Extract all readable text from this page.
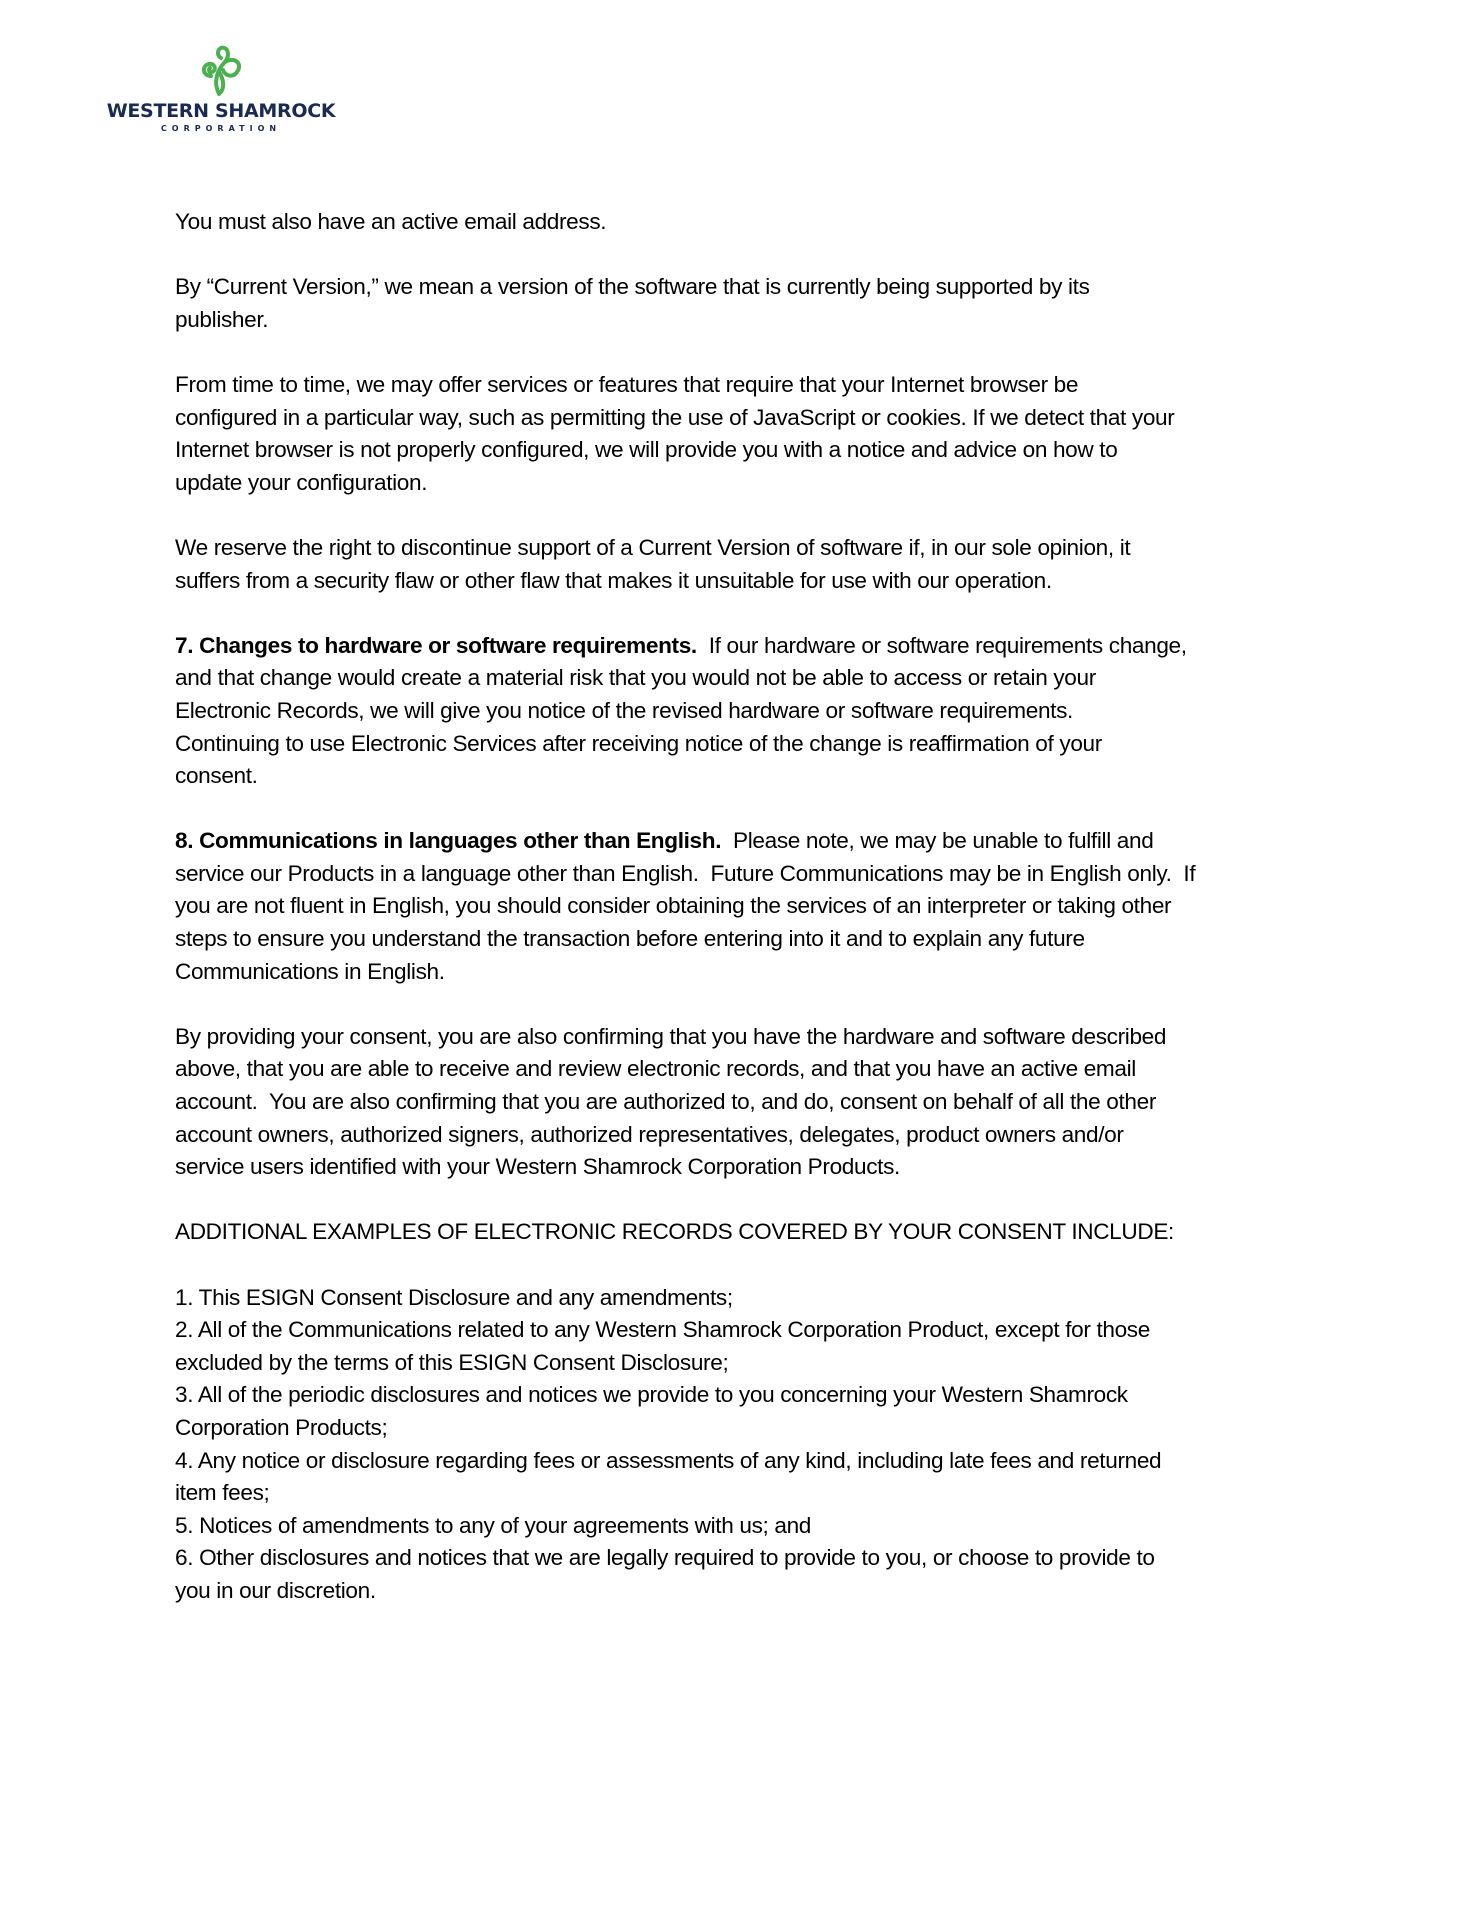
WESTERN SHAMROCK
CORPORATION
You must also have an active email address.
By “Current Version,” we mean a version of the software that is currently being supported by its
publisher.
From time to time, we may offer services or features that require that your Internet browser be
configured in a particular way, such as permitting the use of JavaScript or cookies. If we detect that your
Internet browser is not properly configured, we will provide you with a notice and advice on how to
update your configuration.
We reserve the right to discontinue support of a Current Version of software if, in our sole opinion, it
suffers from a security flaw or other flaw that makes it unsuitable for use with our operation.
7. Changes to hardware or software requirements.  If our hardware or software requirements change,
and that change would create a material risk that you would not be able to access or retain your
Electronic Records, we will give you notice of the revised hardware or software requirements.
Continuing to use Electronic Services after receiving notice of the change is reaffirmation of your
consent.
8. Communications in languages other than English.  Please note, we may be unable to fulfill and
service our Products in a language other than English.  Future Communications may be in English only.  If
you are not fluent in English, you should consider obtaining the services of an interpreter or taking other
steps to ensure you understand the transaction before entering into it and to explain any future
Communications in English.
By providing your consent, you are also confirming that you have the hardware and software described
above, that you are able to receive and review electronic records, and that you have an active email
account.  You are also confirming that you are authorized to, and do, consent on behalf of all the other
account owners, authorized signers, authorized representatives, delegates, product owners and/or
service users identified with your Western Shamrock Corporation Products.
ADDITIONAL EXAMPLES OF ELECTRONIC RECORDS COVERED BY YOUR CONSENT INCLUDE:
1. This ESIGN Consent Disclosure and any amendments;
2. All of the Communications related to any Western Shamrock Corporation Product, except for those
excluded by the terms of this ESIGN Consent Disclosure;
3. All of the periodic disclosures and notices we provide to you concerning your Western Shamrock
Corporation Products;
4. Any notice or disclosure regarding fees or assessments of any kind, including late fees and returned
item fees;
5. Notices of amendments to any of your agreements with us; and
6. Other disclosures and notices that we are legally required to provide to you, or choose to provide to
you in our discretion.
